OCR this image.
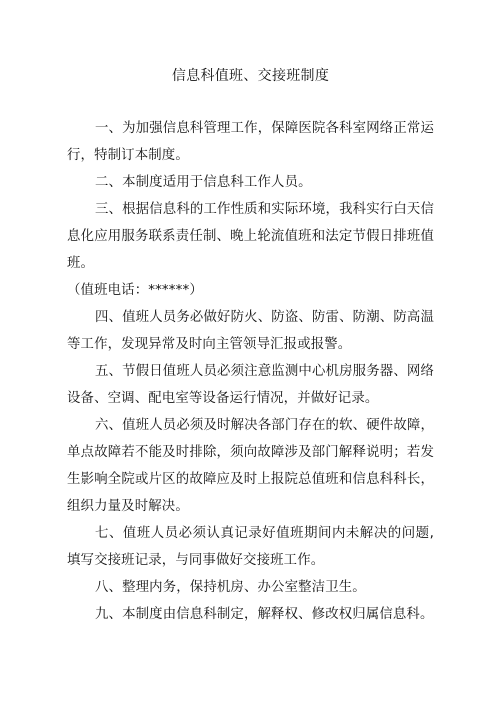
信息科值班、交接班制度

一、为加强信息科管理工作，保障医院各科室网络正常运行，特制订本制度。

二、本制度适用于信息科工作人员。

三、根据信息科的工作性质和实际环境，我科实行白天信息化应用服务联系责任制、晚上轮流值班和法定节假日排班值班。

（值班电话：******）

四、值班人员务必做好防火、防盗、防雷、防潮、防高温等工作，发现异常及时向主管领导汇报或报警。

五、节假日值班人员必须注意监测中心机房服务器、网络设备、空调、配电室等设备运行情况，并做好记录。

六、值班人员必须及时解决各部门存在的软、硬件故障，单点故障若不能及时排除，须向故障涉及部门解释说明；若发生影响全院或片区的故障应及时上报院总值班和信息科科长，组织力量及时解决。

七、值班人员必须认真记录好值班期间内未解决的问题,填写交接班记录，与同事做好交接班工作。

八、整理内务，保持机房、办公室整洁卫生。

九、本制度由信息科制定，解释权、修改权归属信息科。
